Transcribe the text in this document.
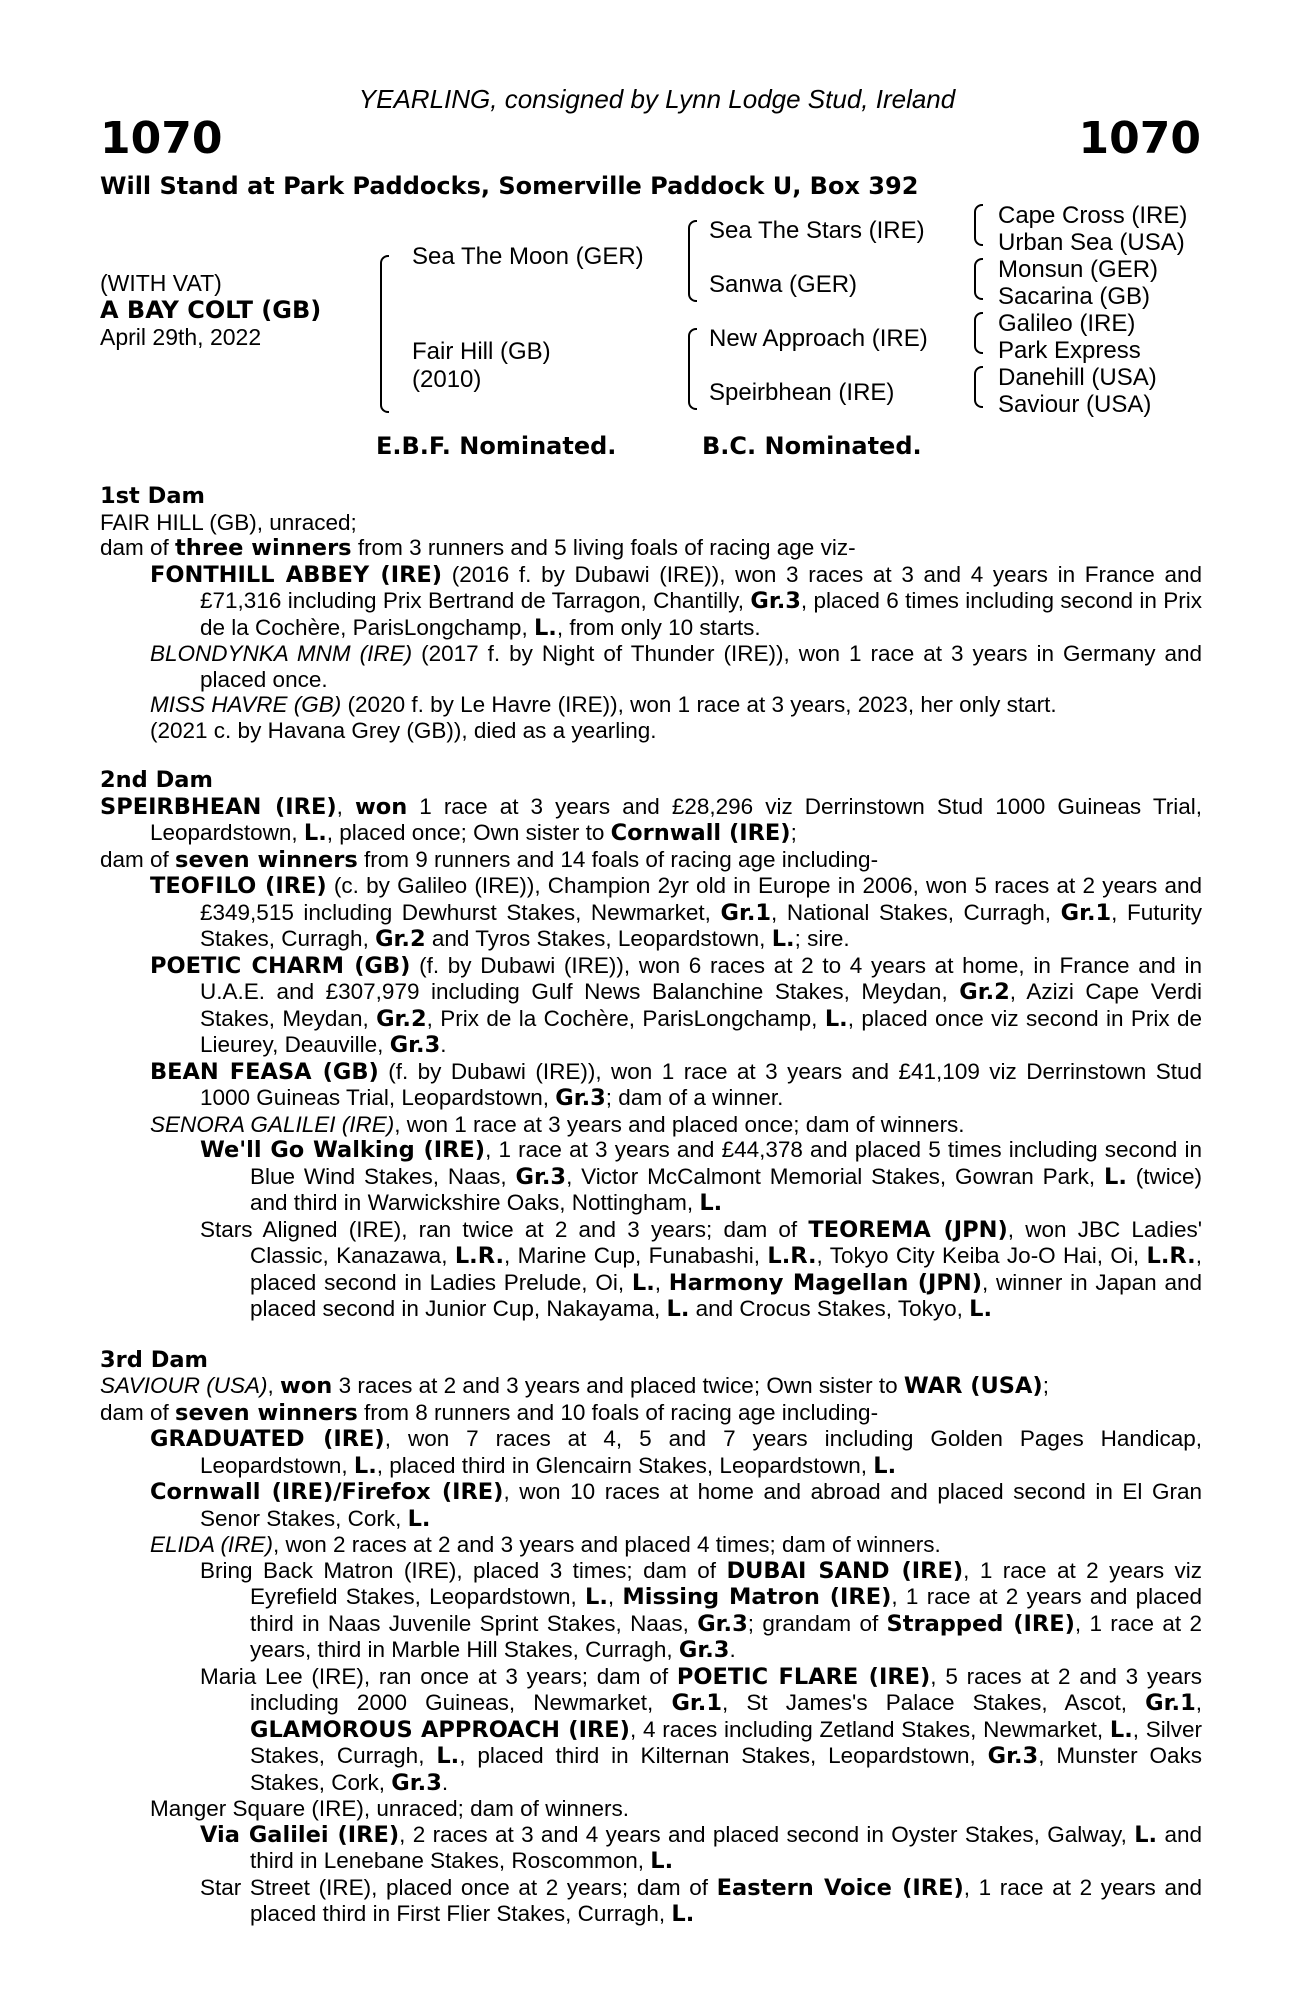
YEARLING, consigned by Lynn Lodge Stud, Ireland
1070	1070
Will Stand at Park Paddocks, Somerville Paddock U, Box 392
(WITH VAT)
A BAY COLT (GB)
April 29th, 2022
Sea The Moon (GER)
Fair Hill (GB)
(2010)
Sea The Stars (IRE)
Sanwa (GER)
New Approach (IRE)
Speirbhean (IRE)
Cape Cross (IRE)
Urban Sea (USA)
Monsun (GER)
Sacarina (GB)
Galileo (IRE)
Park Express
Danehill (USA)
Saviour (USA)
E.B.F. Nominated.	B.C. Nominated.
1st Dam
FAIR HILL (GB), unraced;
dam of three winners from 3 runners and 5 living foals of racing age viz-
FONTHILL ABBEY (IRE) (2016 f. by Dubawi (IRE)), won 3 races at 3 and 4 years in France and £71,316 including Prix Bertrand de Tarragon, Chantilly, Gr.3, placed 6 times including second in Prix de la Cochère, ParisLongchamp, L., from only 10 starts.
BLONDYNKA MNM (IRE) (2017 f. by Night of Thunder (IRE)), won 1 race at 3 years in Germany and placed once.
MISS HAVRE (GB) (2020 f. by Le Havre (IRE)), won 1 race at 3 years, 2023, her only start.
(2021 c. by Havana Grey (GB)), died as a yearling.
2nd Dam
SPEIRBHEAN (IRE), won 1 race at 3 years and £28,296 viz Derrinstown Stud 1000 Guineas Trial, Leopardstown, L., placed once; Own sister to Cornwall (IRE);
dam of seven winners from 9 runners and 14 foals of racing age including-
TEOFILO (IRE) (c. by Galileo (IRE)), Champion 2yr old in Europe in 2006, won 5 races at 2 years and £349,515 including Dewhurst Stakes, Newmarket, Gr.1, National Stakes, Curragh, Gr.1, Futurity Stakes, Curragh, Gr.2 and Tyros Stakes, Leopardstown, L.; sire.
POETIC CHARM (GB) (f. by Dubawi (IRE)), won 6 races at 2 to 4 years at home, in France and in U.A.E. and £307,979 including Gulf News Balanchine Stakes, Meydan, Gr.2, Azizi Cape Verdi Stakes, Meydan, Gr.2, Prix de la Cochère, ParisLongchamp, L., placed once viz second in Prix de Lieurey, Deauville, Gr.3.
BEAN FEASA (GB) (f. by Dubawi (IRE)), won 1 race at 3 years and £41,109 viz Derrinstown Stud 1000 Guineas Trial, Leopardstown, Gr.3; dam of a winner.
SENORA GALILEI (IRE), won 1 race at 3 years and placed once; dam of winners.
We'll Go Walking (IRE), 1 race at 3 years and £44,378 and placed 5 times including second in Blue Wind Stakes, Naas, Gr.3, Victor McCalmont Memorial Stakes, Gowran Park, L. (twice) and third in Warwickshire Oaks, Nottingham, L.
Stars Aligned (IRE), ran twice at 2 and 3 years; dam of TEOREMA (JPN), won JBC Ladies' Classic, Kanazawa, L.R., Marine Cup, Funabashi, L.R., Tokyo City Keiba Jo-O Hai, Oi, L.R., placed second in Ladies Prelude, Oi, L., Harmony Magellan (JPN), winner in Japan and placed second in Junior Cup, Nakayama, L. and Crocus Stakes, Tokyo, L.
3rd Dam
SAVIOUR (USA), won 3 races at 2 and 3 years and placed twice; Own sister to WAR (USA);
dam of seven winners from 8 runners and 10 foals of racing age including-
GRADUATED (IRE), won 7 races at 4, 5 and 7 years including Golden Pages Handicap, Leopardstown, L., placed third in Glencairn Stakes, Leopardstown, L.
Cornwall (IRE)/Firefox (IRE), won 10 races at home and abroad and placed second in El Gran Senor Stakes, Cork, L.
ELIDA (IRE), won 2 races at 2 and 3 years and placed 4 times; dam of winners.
Bring Back Matron (IRE), placed 3 times; dam of DUBAI SAND (IRE), 1 race at 2 years viz Eyrefield Stakes, Leopardstown, L., Missing Matron (IRE), 1 race at 2 years and placed third in Naas Juvenile Sprint Stakes, Naas, Gr.3; grandam of Strapped (IRE), 1 race at 2 years, third in Marble Hill Stakes, Curragh, Gr.3.
Maria Lee (IRE), ran once at 3 years; dam of POETIC FLARE (IRE), 5 races at 2 and 3 years including 2000 Guineas, Newmarket, Gr.1, St James's Palace Stakes, Ascot, Gr.1, GLAMOROUS APPROACH (IRE), 4 races including Zetland Stakes, Newmarket, L., Silver Stakes, Curragh, L., placed third in Kilternan Stakes, Leopardstown, Gr.3, Munster Oaks Stakes, Cork, Gr.3.
Manger Square (IRE), unraced; dam of winners.
Via Galilei (IRE), 2 races at 3 and 4 years and placed second in Oyster Stakes, Galway, L. and third in Lenebane Stakes, Roscommon, L.
Star Street (IRE), placed once at 2 years; dam of Eastern Voice (IRE), 1 race at 2 years and placed third in First Flier Stakes, Curragh, L.
